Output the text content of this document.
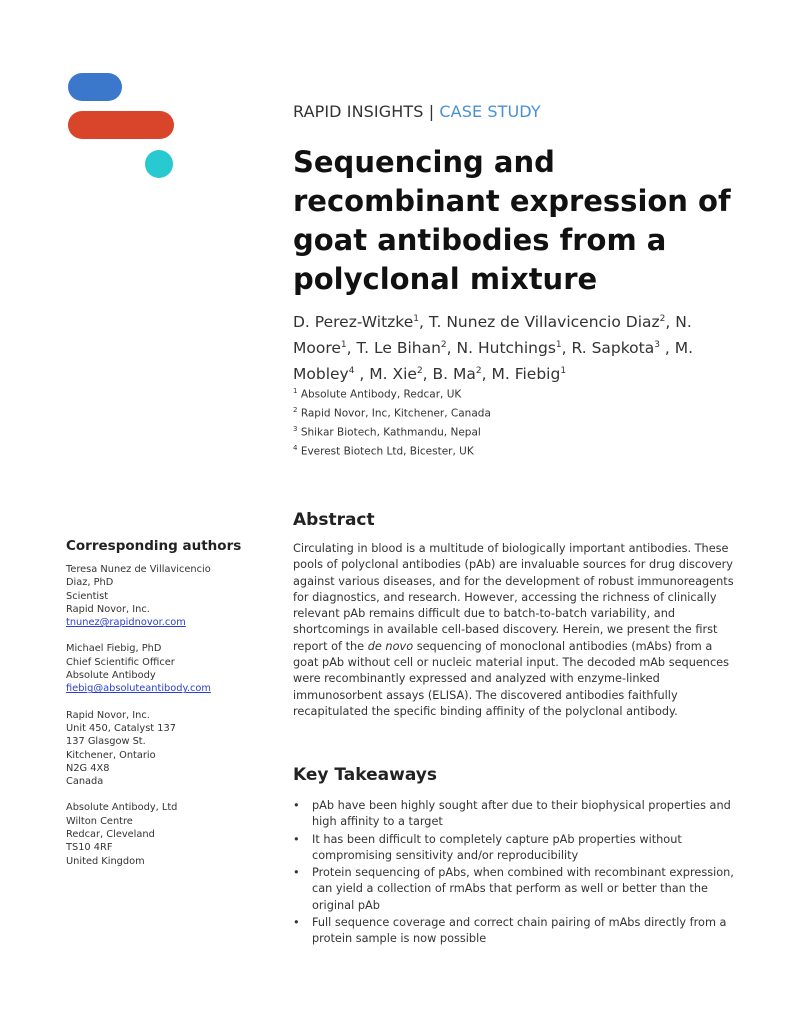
RAPID INSIGHTS | CASE STUDY
Sequencing and recombinant expression of goat antibodies from a polyclonal mixture
D. Perez-Witzke$^1$, T. Nunez de Villavicencio Diaz$^2$, N. Moore$^1$, T. Le Bihan$^2$, N. Hutchings$^1$, R. Sapkota$^3$ , M. Mobley$^4$ , M. Xie$^2$, B. Ma$^2$, M. Fiebig$^1$
$^1$ Absolute Antibody, Redcar, UK
$^2$ Rapid Novor, Inc, Kitchener, Canada
$^3$ Shikar Biotech, Kathmandu, Nepal
$^4$ Everest Biotech Ltd, Bicester, UK
Corresponding authors
Teresa Nunez de Villavicencio
Diaz, PhD
Scientist
Rapid Novor, Inc.
tnunez@rapidnovor.com
Michael Fiebig, PhD
Chief Scientific Officer
Absolute Antibody
fiebig@absoluteantibody.com
Rapid Novor, Inc.
Unit 450, Catalyst 137
137 Glasgow St.
Kitchener, Ontario
N2G 4X8
Canada
Absolute Antibody, Ltd
Wilton Centre
Redcar, Cleveland
TS10 4RF
United Kingdom
Abstract

Circulating in blood is a multitude of biologically important antibodies. These pools of polyclonal antibodies (pAb) are invaluable sources for drug discovery against various diseases, and for the development of robust immunoreagents for diagnostics, and research. However, accessing the richness of clinically relevant pAb remains difficult due to batch-to-batch variability, and shortcomings in available cell-based discovery. Herein, we present the first report of the de novo sequencing of monoclonal antibodies (mAbs) from a goat pAb without cell or nucleic material input. The decoded mAb sequences were recombinantly expressed and analyzed with enzyme-linked immunosorbent assays (ELISA). The discovered antibodies faithfully recapitulated the specific binding affinity of the polyclonal antibody.

Key Takeaways
• pAb have been highly sought after due to their biophysical properties and high affinity to a target
• It has been difficult to completely capture pAb properties without compromising sensitivity and/or reproducibility
• Protein sequencing of pAbs, when combined with recombinant expression, can yield a collection of rmAbs that perform as well or better than the original pAb
• Full sequence coverage and correct chain pairing of mAbs directly from a protein sample is now possible
